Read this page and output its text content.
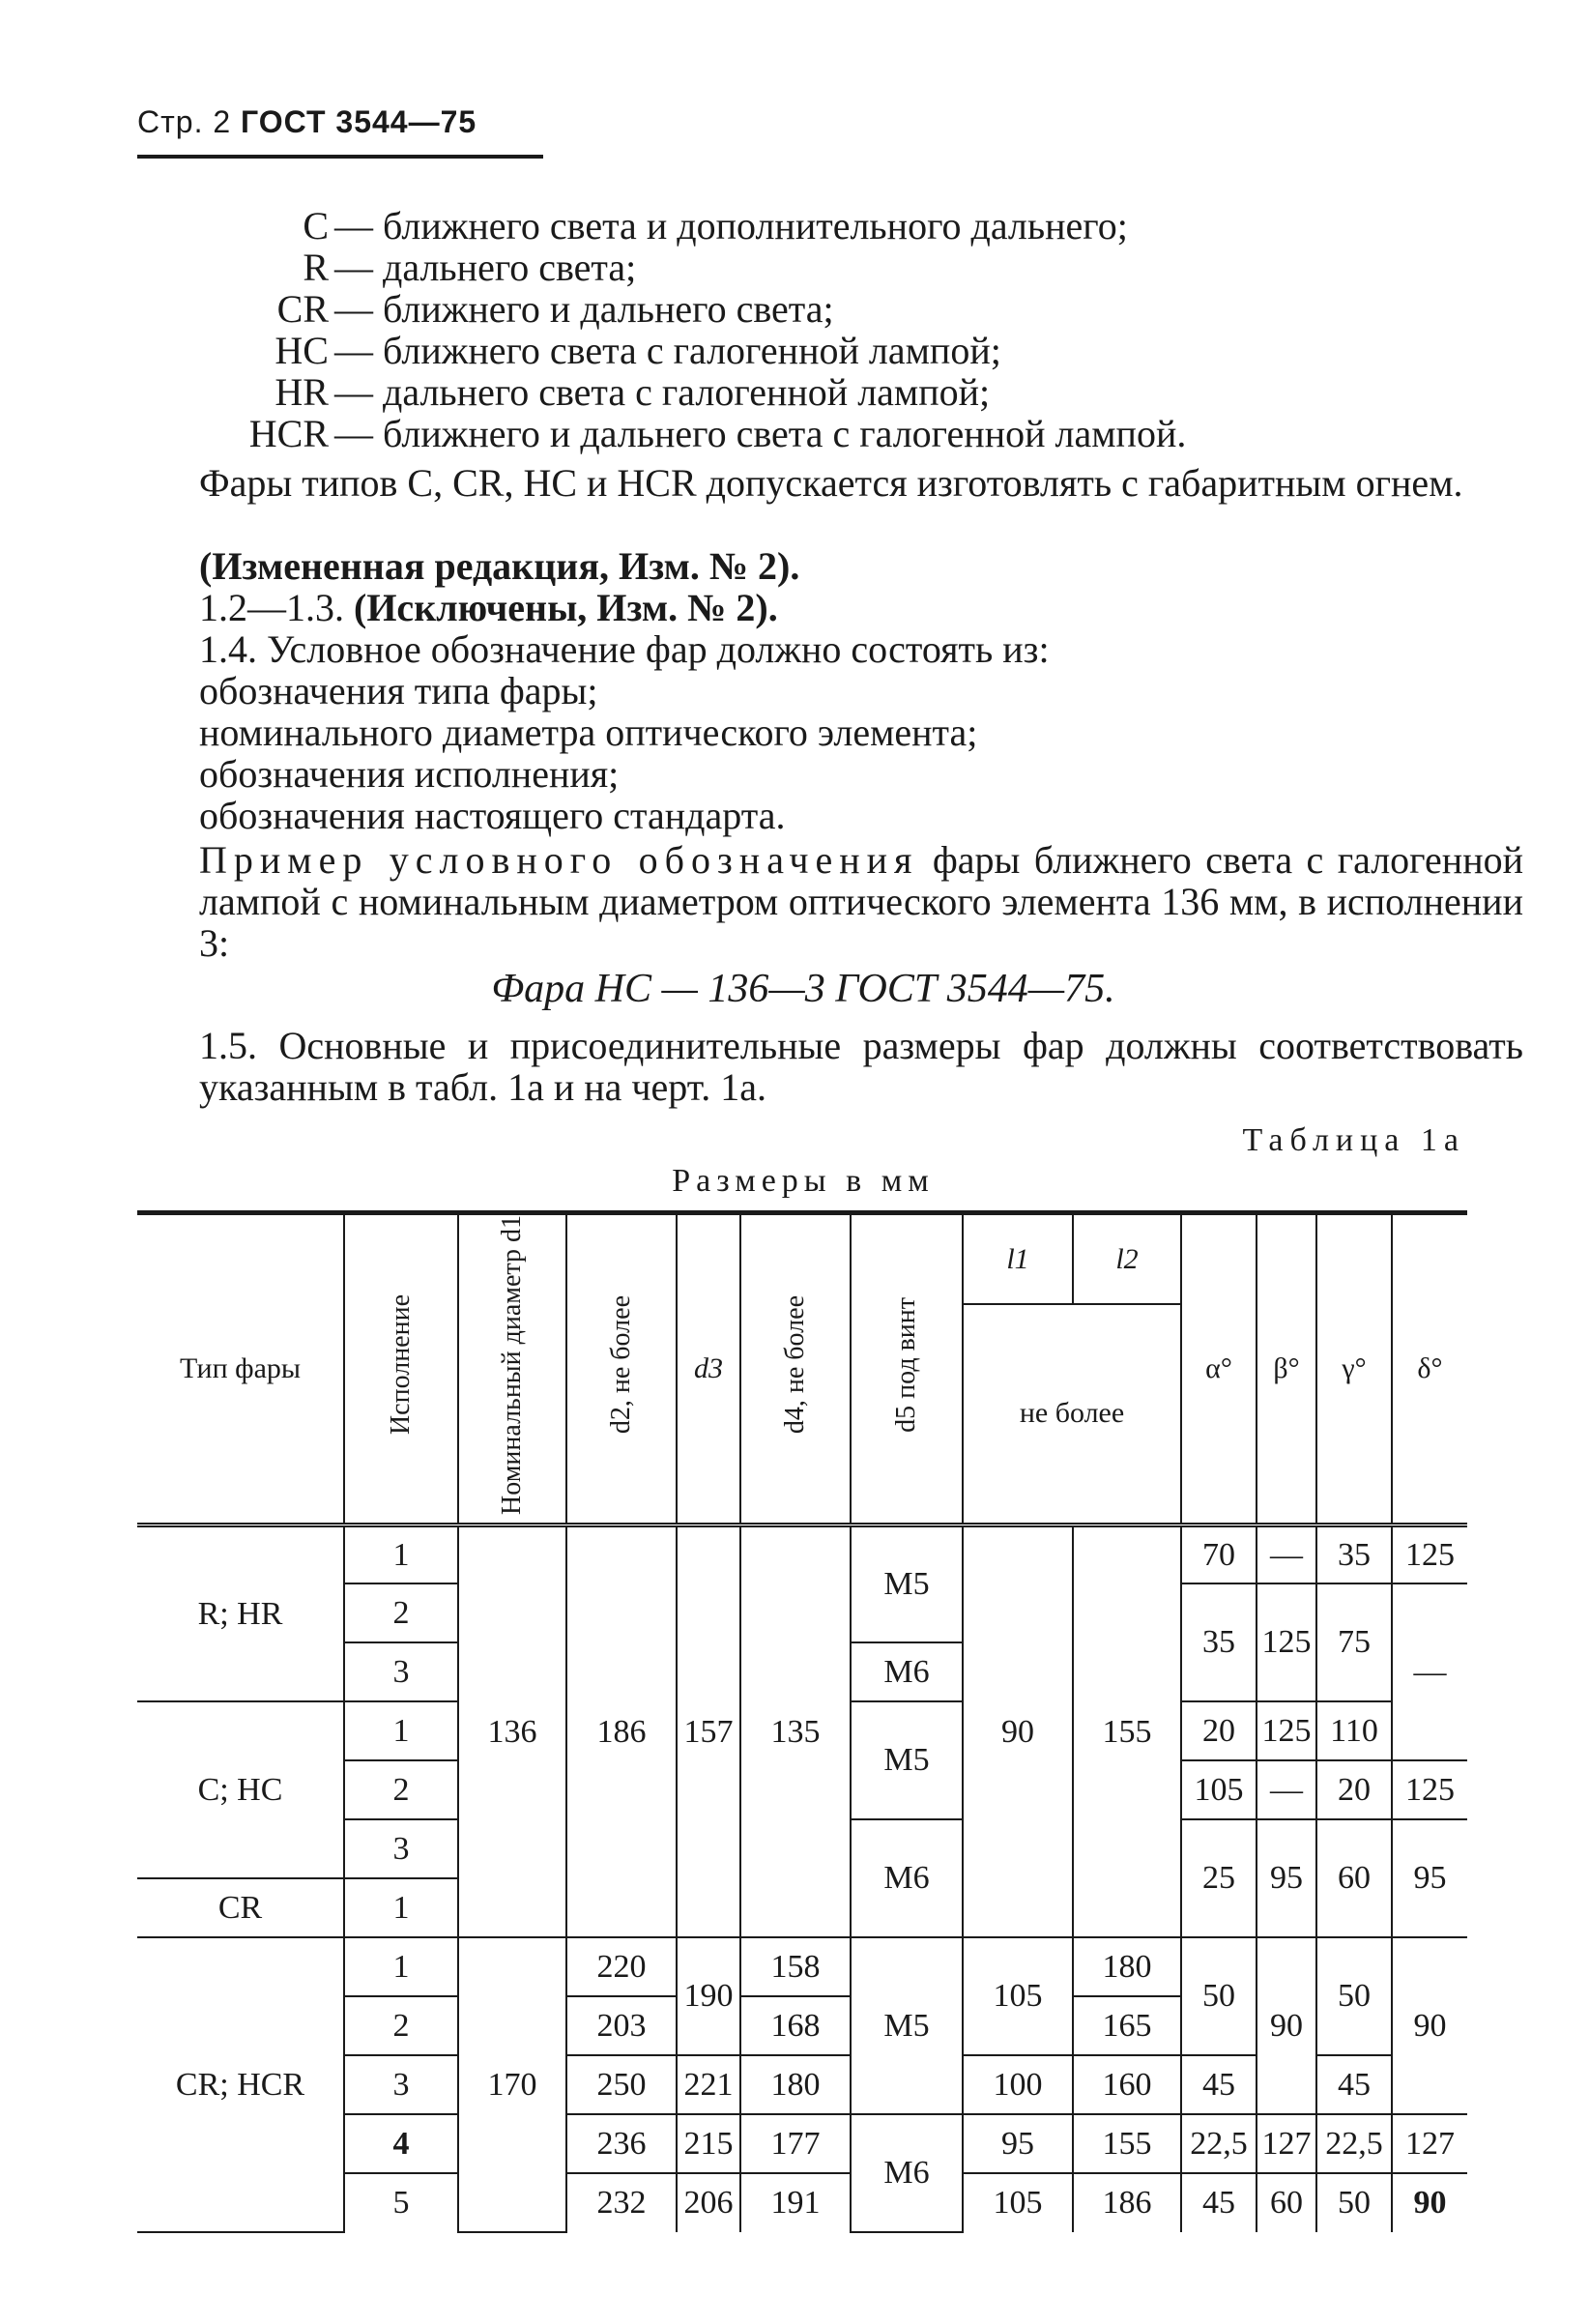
Стр. 2 ГОСТ 3544—75
С — ближнего света и дополнительного дальнего;
R — дальнего света;
СR — ближнего и дальнего света;
НС — ближнего света с галогенной лампой;
НR — дальнего света с галогенной лампой;
НСR — ближнего и дальнего света с галогенной лампой.
Фары типов С, CR, НС и НСR допускается изготовлять с габаритным огнем.
(Измененная редакция, Изм. № 2).
1.2—1.3. (Исключены, Изм. № 2).
1.4. Условное обозначение фар должно состоять из:
обозначения типа фары;
номинального диаметра оптического элемента;
обозначения исполнения;
обозначения настоящего стандарта.
Пример условного обозначения фары ближнего света с галогенной лампой с номинальным диаметром оптического элемента 136 мм, в исполнении 3:
Фара НС — 136—3 ГОСТ 3544—75.
1.5. Основные и присоединительные размеры фар должны соответствовать указанным в табл. 1а и на черт. 1а.
Таблица 1а
Размеры в мм
Тип фары	Исполнение	Номинальный диаметр d1	d2, не более	d3	d4, не более	d5 под винт	l1	l2	α°	β°	γ°	δ°
							не более					
R; HR	1	136	186	157	135	М5	90	155	70	—	35	125
	2								35	125	75	—
	3					М6						
С; НС	1					М5			20	125	110	
	2								105	—	20	125
	3					М6			25	95	60	95
CR	1											
CR; HCR	1	170	220	190	158	М5	105	180	50	90	50	90
	2		203		168			165				
	3		250	221	180		100	160	45		45	
	4		236	215	177	М6	95	155	22,5	127	22,5	127
	5		232	206	191		105	186	45	60	50	90
